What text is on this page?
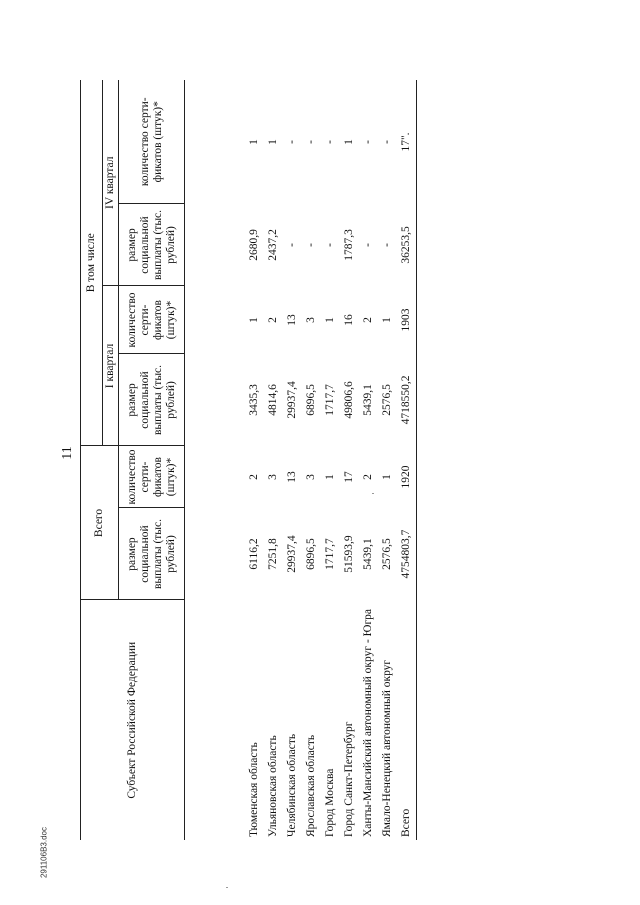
11
Субъект Российской Федерации	Всего		В том числе			
			I квартал		IV квартал	
	размер социальной выплаты (тыс. рублей)	количество серти-фикатов (штук)*	размер социальной выплаты (тыс. рублей)	количество серти-фикатов (штук)*	размер социальной выплаты (тыс. рублей)	количество серти-фикатов (штук)*

Тюменская область	6116,2	2	3435,3	1	2680,9	1
Ульяновская область	7251,8	3	4814,6	2	2437,2	1
Челябинская область	29937,4	13	29937,4	13	-	-
Ярославская область	6896,5	3	6896,5	3	-	-
Город Москва	1717,7	1	1717,7	1	-	-
Город Санкт-Петербург	51593,9	17	49806,6	16	1787,3	1
Ханты-Мансийский автономный округ - Югра	5439,1	2	5439,1	2	-	-
Ямало-Ненецкий автономный округ	2576,5	1	2576,5	1	-	-
Всего	4754803,7	1920	4718550,2	1903	36253,5	17".
291106B3.doc
